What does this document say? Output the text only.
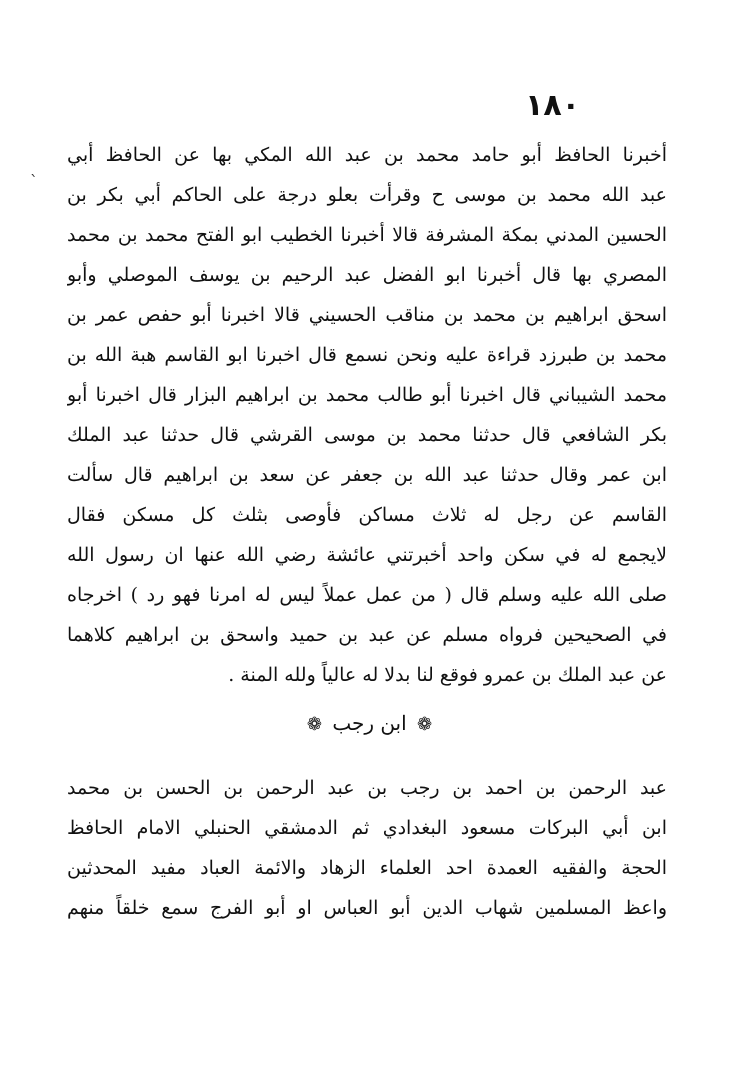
`
١٨٠
أخبرنا الحافظ أبو حامد محمد بن عبد الله المكي بها عن الحافظ أبي
عبد الله محمد بن موسى ح وقرأت بعلو درجة على الحاكم أبي بكر بن
الحسين المدني بمكة المشرفة قالا أخبرنا الخطيب ابو الفتح محمد بن محمد
المصري بها قال أخبرنا ابو الفضل عبد الرحيم بن يوسف الموصلي وأبو
اسحق ابراهيم بن محمد بن مناقب الحسيني قالا اخبرنا أبو حفص عمر بن
محمد بن طبرزد قراءة عليه ونحن نسمع قال اخبرنا ابو القاسم هبة الله بن
محمد الشيباني قال اخبرنا أبو طالب محمد بن ابراهيم البزار قال اخبرنا أبو
بكر الشافعي قال حدثنا محمد بن موسى القرشي قال حدثنا عبد الملك
ابن عمر وقال حدثنا عبد الله بن جعفر عن سعد بن ابراهيم قال سألت
القاسم عن رجل له ثلاث مساكن فأوصى بثلث كل مسكن فقال
لايجمع له في سكن واحد أخبرتني عائشة رضي الله عنها ان رسول الله
صلى الله عليه وسلم قال ( من عمل عملاً ليس له امرنا فهو رد ) اخرجاه
في الصحيحين فرواه مسلم عن عبد بن حميد واسحق بن ابراهيم كلاهما
عن عبد الملك بن عمرو فوقع لنا بدلا له عالياً ولله المنة .
❁ ابن رجب ❁
عبد الرحمن بن احمد بن رجب بن عبد الرحمن بن الحسن بن محمد
ابن أبي البركات مسعود البغدادي ثم الدمشقي الحنبلي الامام الحافظ
الحجة والفقيه العمدة احد العلماء الزهاد والائمة العباد مفيد المحدثين
واعظ المسلمين شهاب الدين أبو العباس او أبو الفرج سمع خلقاً منهم
